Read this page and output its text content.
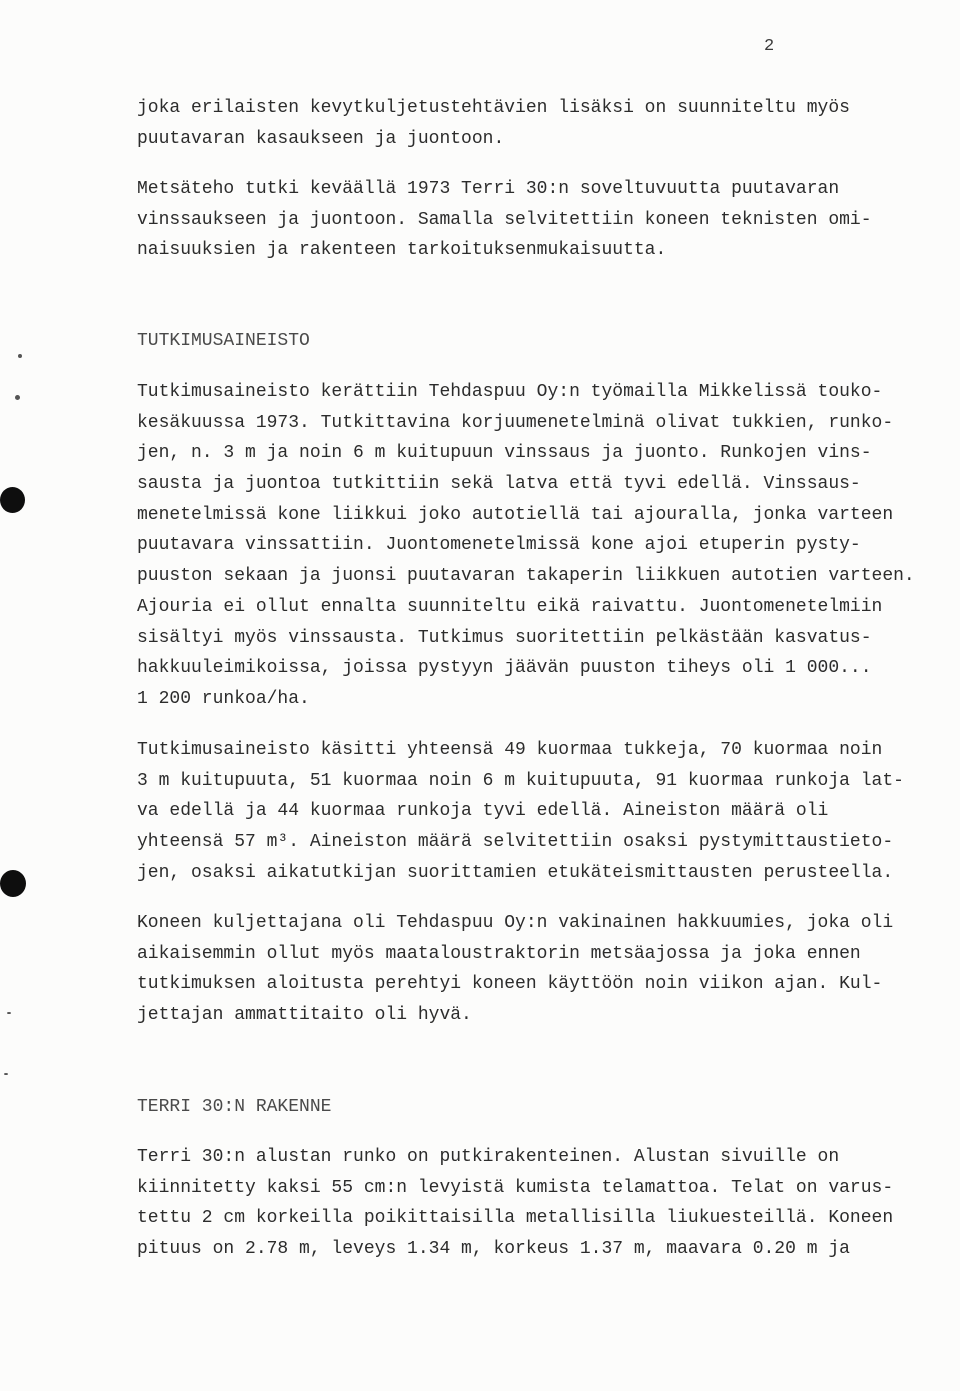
2
joka erilaisten kevytkuljetustehtävien lisäksi on suunniteltu myös
puutavaran kasaukseen ja juontoon.
Metsäteho tutki keväällä 1973 Terri 30:n soveltuvuutta puutavaran
vinssaukseen ja juontoon. Samalla selvitettiin koneen teknisten omi-
naisuuksien ja rakenteen tarkoituksenmukaisuutta.
TUTKIMUSAINEISTO
Tutkimusaineisto kerättiin Tehdaspuu Oy:n työmailla Mikkelissä touko-
kesäkuussa 1973. Tutkittavina korjuumenetelminä olivat tukkien, runko-
jen, n. 3 m ja noin 6 m kuitupuun vinssaus ja juonto. Runkojen vins-
sausta ja juontoa tutkittiin sekä latva että tyvi edellä. Vinssaus-
menetelmissä kone liikkui joko autotiellä tai ajouralla, jonka varteen
puutavara vinssattiin. Juontomenetelmissä kone ajoi etuperin pysty-
puuston sekaan ja juonsi puutavaran takaperin liikkuen autotien varteen.
Ajouria ei ollut ennalta suunniteltu eikä raivattu. Juontomenetelmiin
sisältyi myös vinssausta. Tutkimus suoritettiin pelkästään kasvatus-
hakkuuleimikoissa, joissa pystyyn jäävän puuston tiheys oli 1 000...
1 200 runkoa/ha.
Tutkimusaineisto käsitti yhteensä 49 kuormaa tukkeja, 70 kuormaa noin
3 m kuitupuuta, 51 kuormaa noin 6 m kuitupuuta, 91 kuormaa runkoja lat-
va edellä ja 44 kuormaa runkoja tyvi edellä. Aineiston määrä oli
yhteensä 57 m³. Aineiston määrä selvitettiin osaksi pystymittaustieto-
jen, osaksi aikatutkijan suorittamien etukäteismittausten perusteella.
Koneen kuljettajana oli Tehdaspuu Oy:n vakinainen hakkuumies, joka oli
aikaisemmin ollut myös maataloustraktorin metsäajossa ja joka ennen
tutkimuksen aloitusta perehtyi koneen käyttöön noin viikon ajan. Kul-
jettajan ammattitaito oli hyvä.
TERRI 30:N RAKENNE
Terri 30:n alustan runko on putkirakenteinen. Alustan sivuille on
kiinnitetty kaksi 55 cm:n levyistä kumista telamattoa. Telat on varus-
tettu 2 cm korkeilla poikittaisilla metallisilla liukuesteillä. Koneen
pituus on 2.78 m, leveys 1.34 m, korkeus 1.37 m, maavara 0.20 m ja
